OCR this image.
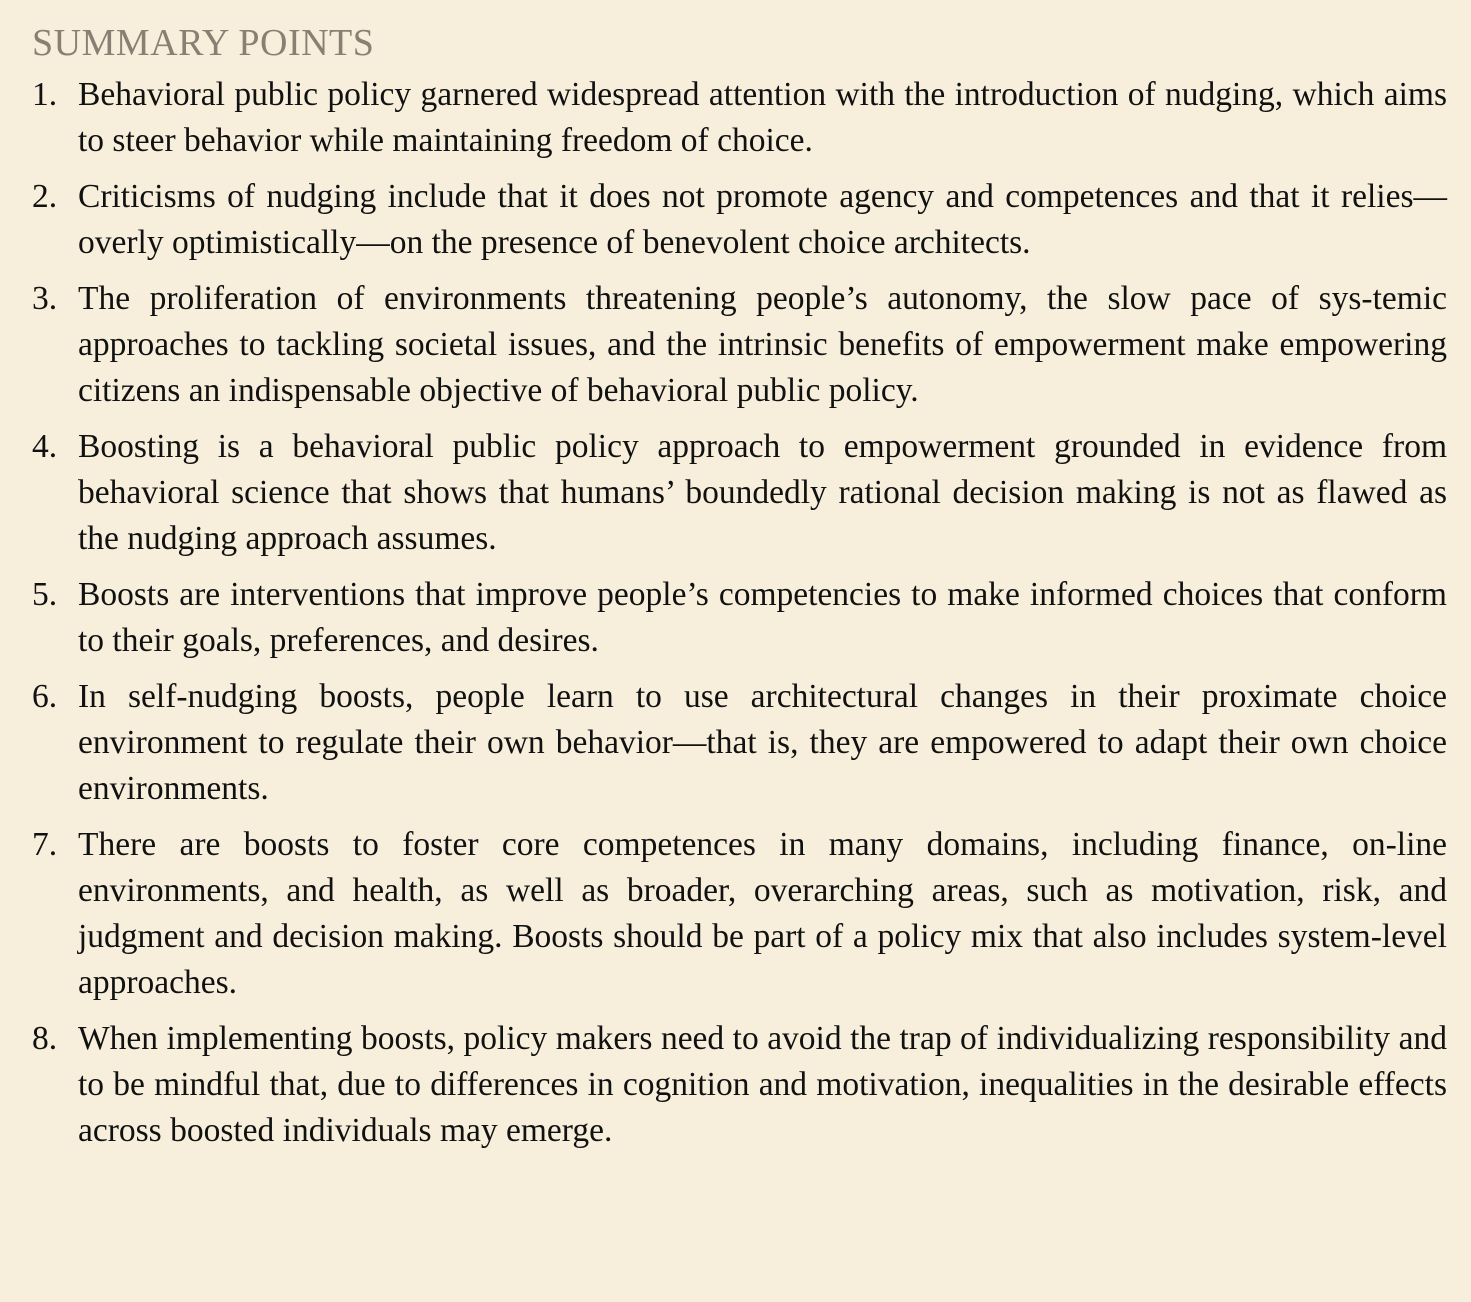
SUMMARY POINTS
1. Behavioral public policy garnered widespread attention with the introduction of nudging, which aims to steer behavior while maintaining freedom of choice.
2. Criticisms of nudging include that it does not promote agency and competences and that it relies—overly optimistically—on the presence of benevolent choice architects.
3. The proliferation of environments threatening people’s autonomy, the slow pace of sys-temic approaches to tackling societal issues, and the intrinsic benefits of empowerment make empowering citizens an indispensable objective of behavioral public policy.
4. Boosting is a behavioral public policy approach to empowerment grounded in evidence from behavioral science that shows that humans’ boundedly rational decision making is not as flawed as the nudging approach assumes.
5. Boosts are interventions that improve people’s competencies to make informed choices that conform to their goals, preferences, and desires.
6. In self-nudging boosts, people learn to use architectural changes in their proximate choice environment to regulate their own behavior—that is, they are empowered to adapt their own choice environments.
7. There are boosts to foster core competences in many domains, including finance, on-line environments, and health, as well as broader, overarching areas, such as motivation, risk, and judgment and decision making. Boosts should be part of a policy mix that also includes system-level approaches.
8. When implementing boosts, policy makers need to avoid the trap of individualizing responsibility and to be mindful that, due to differences in cognition and motivation, inequalities in the desirable effects across boosted individuals may emerge.
